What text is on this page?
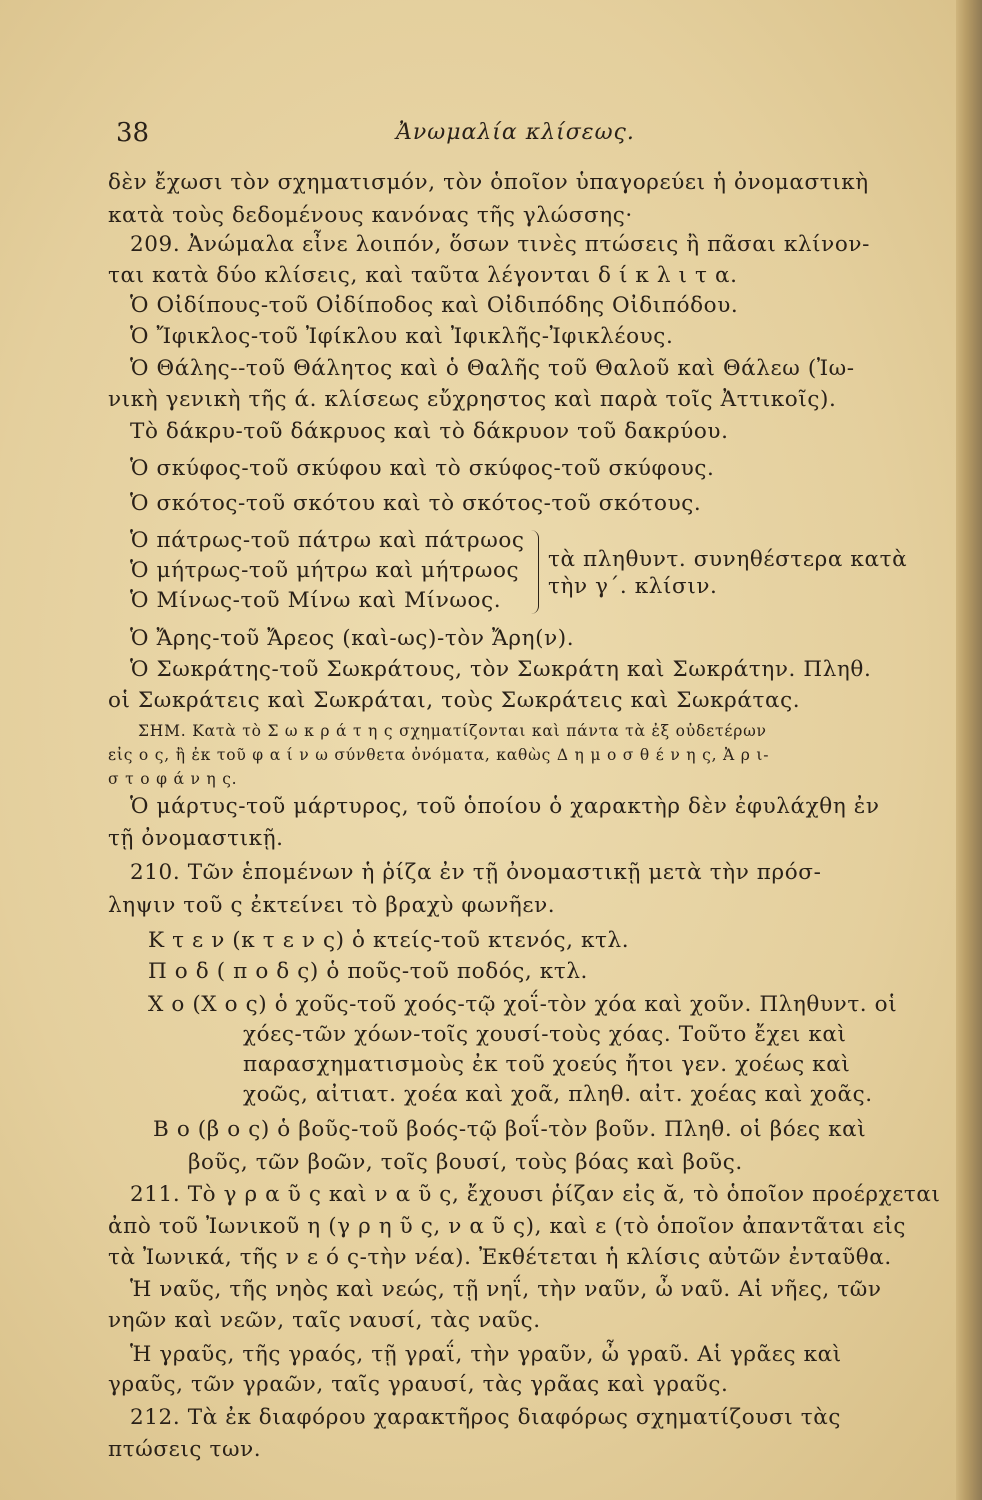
38	Ἀνωμαλία κλίσεως.
δὲν ἔχωσι τὸν σχηματισμόν, τὸν ὁποῖον ὑπαγορεύει ἡ ὀνομαστικὴ
κατὰ τοὺς δεδομένους κανόνας τῆς γλώσσης·
209. Ἀνώμαλα εἶνε λοιπόν, ὅσων τινὲς πτώσεις ἢ πᾶσαι κλίνον-
ται κατὰ δύο κλίσεις, καὶ ταῦτα λέγονται δ ί κ λ ι τ α.
Ὁ Οἰδίπους-τοῦ Οἰδίποδος καὶ Οἰδιπόδης Οἰδιπόδου.
Ὁ Ἴφικλος-τοῦ Ἰφίκλου καὶ Ἰφικλῆς-Ἰφικλέους.
Ὁ Θάλης--τοῦ Θάλητος καὶ ὁ Θαλῆς τοῦ Θαλοῦ καὶ Θάλεω (Ἰω-
νικὴ γενικὴ τῆς ά. κλίσεως εὔχρηστος καὶ παρὰ τοῖς Ἀττικοῖς).
Τὸ δάκρυ-τοῦ δάκρυος καὶ τὸ δάκρυον τοῦ δακρύου.
Ὁ σκύφος-τοῦ σκύφου καὶ τὸ σκύφος-τοῦ σκύφους.
Ὁ σκότος-τοῦ σκότου καὶ τὸ σκότος-τοῦ σκότους.
Ὁ πάτρως-τοῦ πάτρω καὶ πάτρωος
Ὁ μήτρως-τοῦ μήτρω καὶ μήτρωος
Ὁ Μίνως-τοῦ Μίνω καὶ Μίνωος.
τὰ πληθυντ. συνηθέστερα κατὰ
τὴν γ΄. κλίσιν.
Ὁ Ἄρης-τοῦ Ἄρεος (καὶ-ως)-τὸν Ἄρη(ν).
Ὁ Σωκράτης-τοῦ Σωκράτους, τὸν Σωκράτη καὶ Σωκράτην. Πληθ.
οἱ Σωκράτεις καὶ Σωκράται, τοὺς Σωκράτεις καὶ Σωκράτας.
ΣΗΜ. Κατὰ τὸ Σ ω κ ρ ά τ η ς σχηματίζονται καὶ πάντα τὰ ἐξ οὐδετέρων
εἰς ο ς, ἢ ἐκ τοῦ φ α ί ν ω σύνθετα ὀνόματα, καθὼς Δ η μ ο σ θ έ ν η ς, Ἀ ρ ι-
σ τ ο φ ά ν η ς.
Ὁ μάρτυς-τοῦ μάρτυρος, τοῦ ὁποίου ὁ χαρακτὴρ δὲν ἐφυλάχθη ἐν
τῇ ὀνομαστικῇ.
210. Τῶν ἑπομένων ἡ ῥίζα ἐν τῇ ὀνομαστικῇ μετὰ τὴν πρόσ-
ληψιν τοῦ ς ἐκτείνει τὸ βραχὺ φωνῆεν.
Κ τ ε ν (κ τ ε ν ς) ὁ κτείς-τοῦ κτενός, κτλ.
Π ο δ ( π ο δ ς) ὁ ποῦς-τοῦ ποδός, κτλ.
Χ ο (Χ ο ς) ὁ χοῦς-τοῦ χοός-τῷ χοΐ-τὸν χόα καὶ χοῦν. Πληθυντ. οἱ
χόες-τῶν χόων-τοῖς χουσί-τοὺς χόας. Τοῦτο ἔχει καὶ
παρασχηματισμοὺς ἐκ τοῦ χοεύς ἤτοι γεν. χοέως καὶ
χοῶς, αἰτιατ. χοέα καὶ χοᾶ, πληθ. αἰτ. χοέας καὶ χοᾶς.
Β ο (β ο ς) ὁ βοῦς-τοῦ βοός-τῷ βοΐ-τὸν βοῦν. Πληθ. οἱ βόες καὶ
βοῦς, τῶν βοῶν, τοῖς βουσί, τοὺς βόας καὶ βοῦς.
211. Τὸ γ ρ α ῦ ς καὶ ν α ῦ ς, ἔχουσι ῥίζαν εἰς ᾰ, τὸ ὁποῖον προέρχεται
ἀπὸ τοῦ Ἰωνικοῦ η (γ ρ η ῦ ς, ν α ῦ ς), καὶ ε (τὸ ὁποῖον ἀπαντᾶται εἰς
τὰ Ἰωνικά, τῆς ν ε ό ς-τὴν νέα). Ἐκθέτεται ἡ κλίσις αὐτῶν ἐνταῦθα.
Ἡ ναῦς, τῆς νηὸς καὶ νεώς, τῇ νηΐ, τὴν ναῦν, ὦ ναῦ. Αἱ νῆες, τῶν
νηῶν καὶ νεῶν, ταῖς ναυσί, τὰς ναῦς.
Ἡ γραῦς, τῆς γραός, τῇ γραΐ, τὴν γραῦν, ὦ γραῦ. Αἱ γρᾶες καὶ
γραῦς, τῶν γραῶν, ταῖς γραυσί, τὰς γρᾶας καὶ γραῦς.
212. Τὰ ἐκ διαφόρου χαρακτῆρος διαφόρως σχηματίζουσι τὰς
πτώσεις των.
